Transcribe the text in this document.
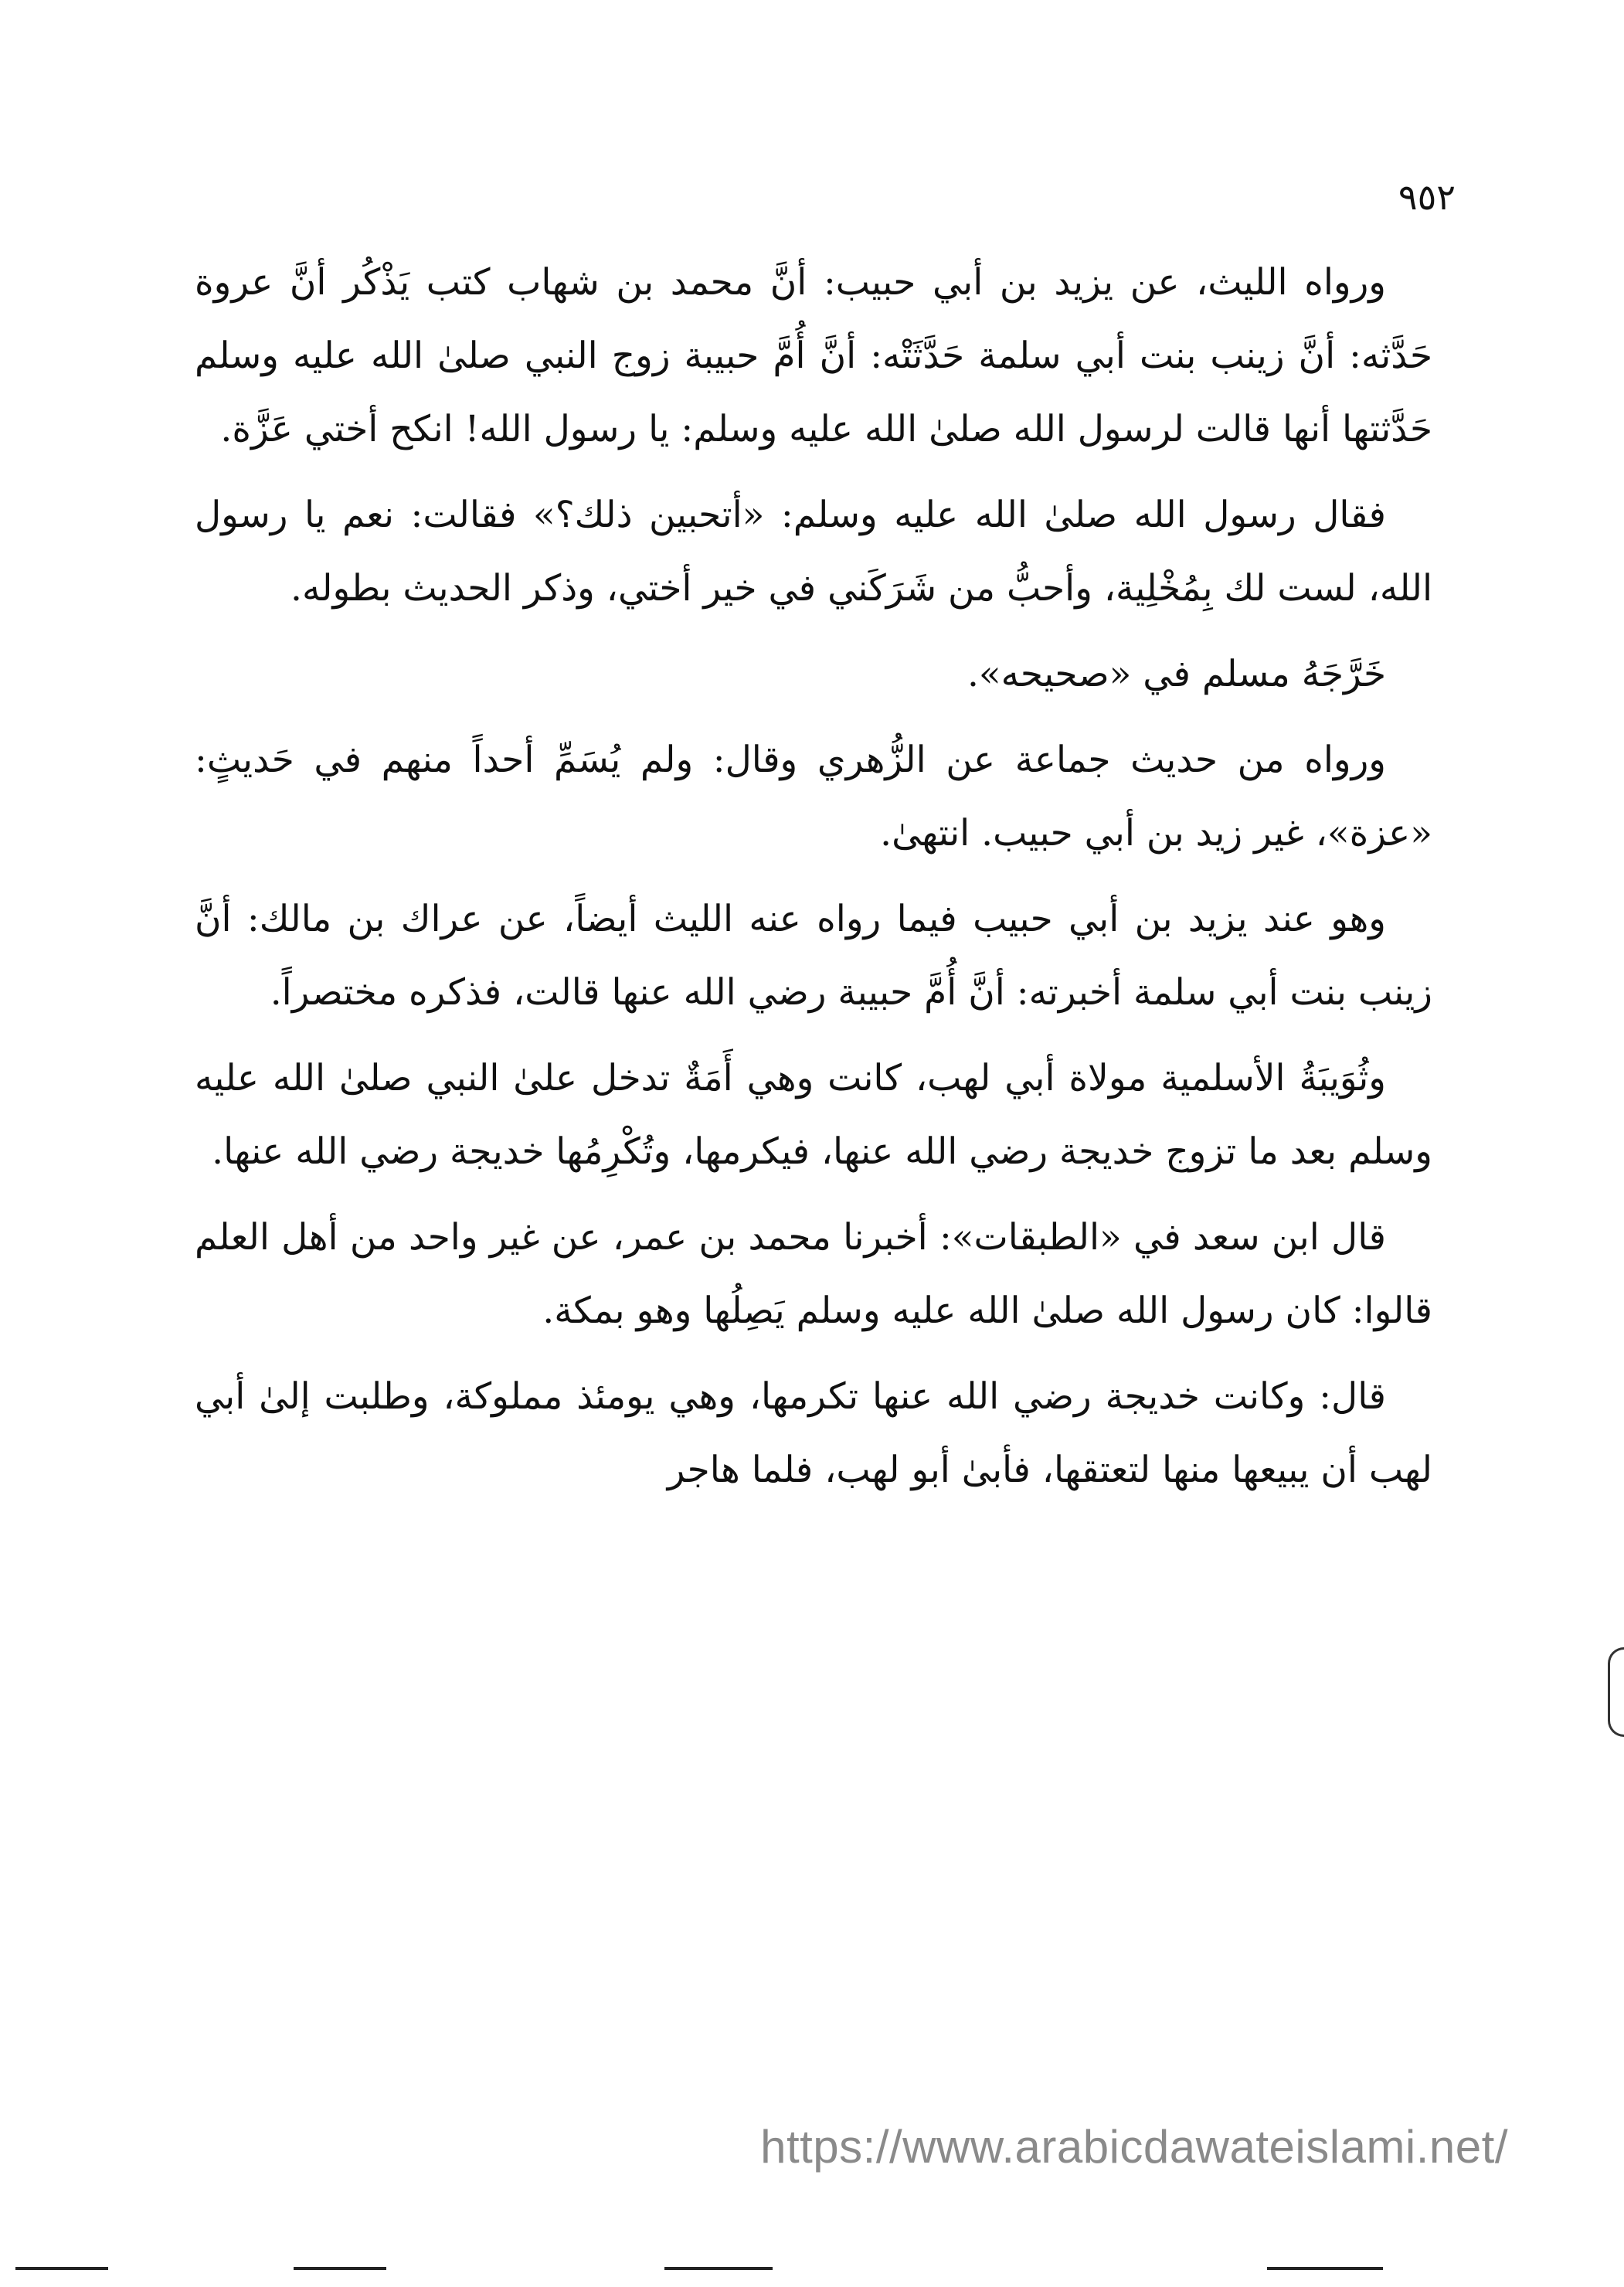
٩٥٢

ورواه الليث، عن يزيد بن أبي حبيب: أنَّ محمد بن شهاب كتب يَذْكُر أنَّ عروة حَدَّثه: أنَّ زينب بنت أبي سلمة حَدَّثَتْه: أنَّ أُمَّ حبيبة زوج النبي صلىٰ الله عليه وسلم حَدَّثتها أنها قالت لرسول الله صلىٰ الله عليه وسلم: يا رسول الله! انكح أختي عَزَّة.

فقال رسول الله صلىٰ الله عليه وسلم: «أتحبين ذلك؟» فقالت: نعم يا رسول الله، لست لك بِمُخْلِية، وأحبُّ من شَرَكَني في خير أختي، وذكر الحديث بطوله.

خَرَّجَهُ مسلم في «صحيحه».

ورواه من حديث جماعة عن الزُّهري وقال: ولم يُسَمِّ أحداً منهم في حَديثٍ: «عزة»، غير زيد بن أبي حبيب. انتهىٰ.

وهو عند يزيد بن أبي حبيب فيما رواه عنه الليث أيضاً، عن عراك بن مالك: أنَّ زينب بنت أبي سلمة أخبرته: أنَّ أُمَّ حبيبة رضي الله عنها قالت، فذكره مختصراً.

وثُوَيبَةُ الأسلمية مولاة أبي لهب، كانت وهي أَمَةٌ تدخل علىٰ النبي صلىٰ الله عليه وسلم بعد ما تزوج خديجة رضي الله عنها، فيكرمها، وتُكْرِمُها خديجة رضي الله عنها.

قال ابن سعد في «الطبقات»: أخبرنا محمد بن عمر، عن غير واحد من أهل العلم قالوا: كان رسول الله صلىٰ الله عليه وسلم يَصِلُها وهو بمكة.

قال: وكانت خديجة رضي الله عنها تكرمها، وهي يومئذ مملوكة، وطلبت إلىٰ أبي لهب أن يبيعها منها لتعتقها، فأبىٰ أبو لهب، فلما هاجر

https://www.arabicdawateislami.net/
